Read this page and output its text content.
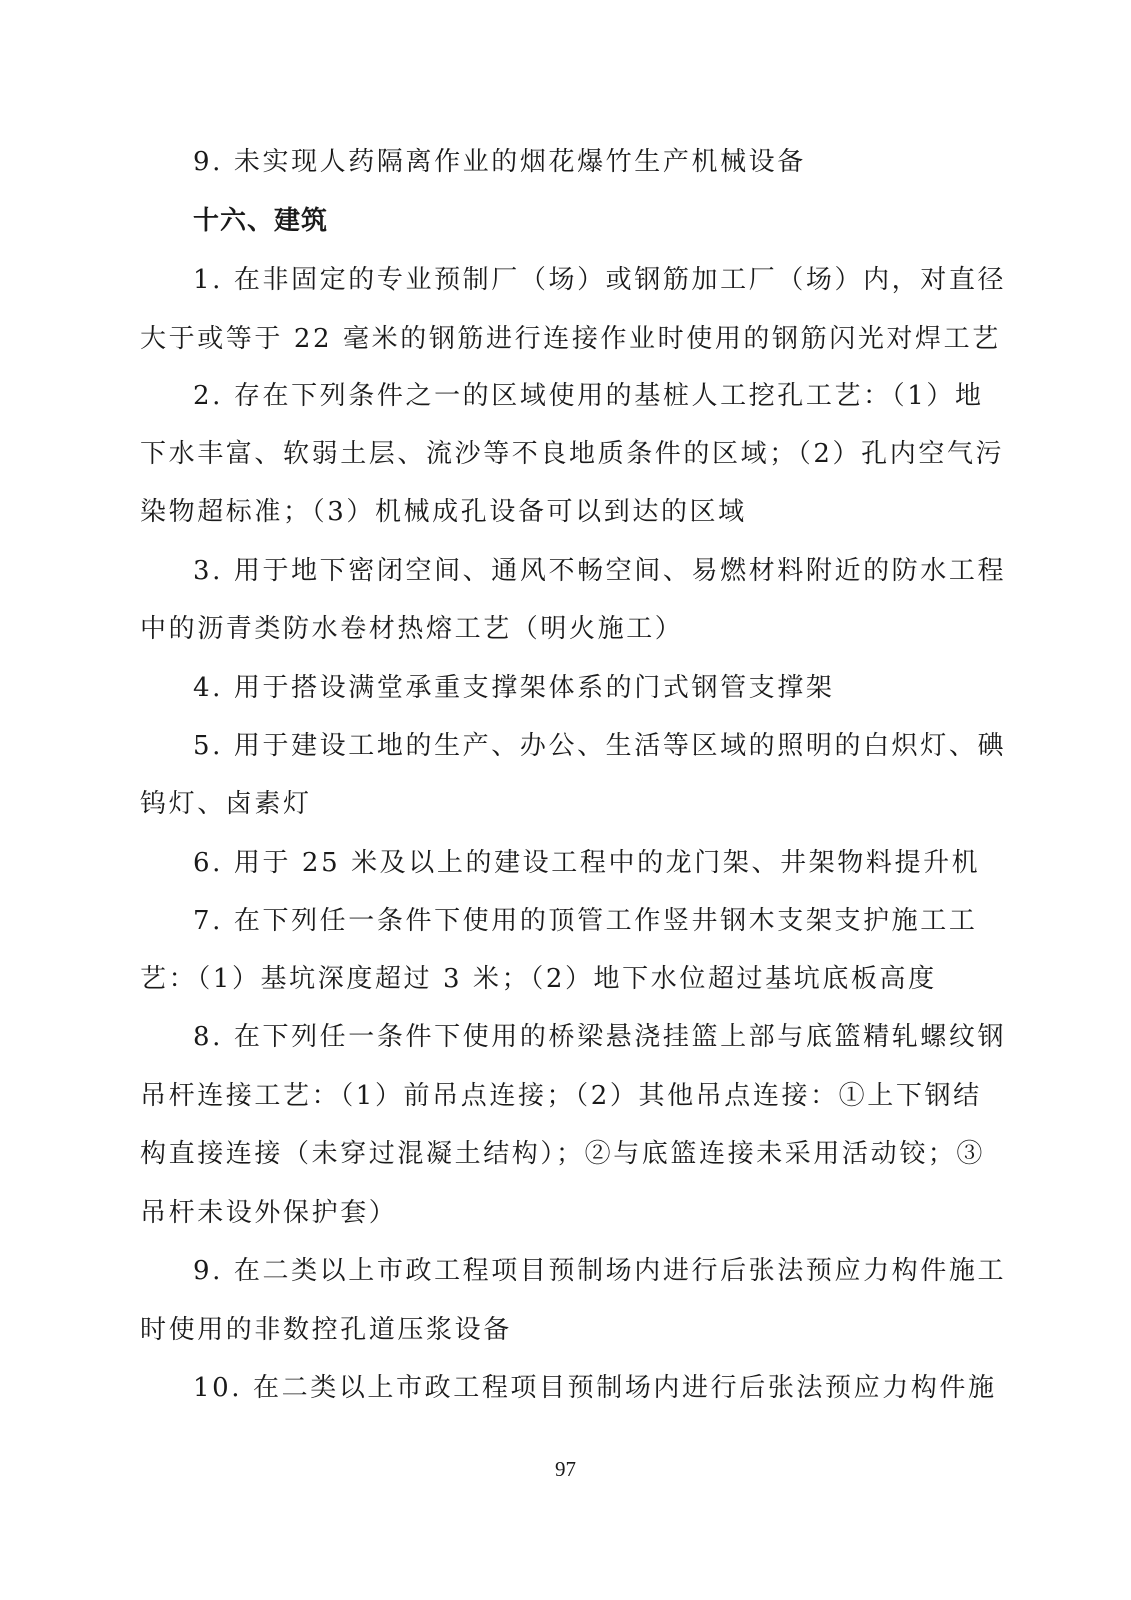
9. 未实现人药隔离作业的烟花爆竹生产机械设备
十六、建筑
1. 在非固定的专业预制厂（场）或钢筋加工厂（场）内，对直径
大于或等于 22 毫米的钢筋进行连接作业时使用的钢筋闪光对焊工艺
2. 存在下列条件之一的区域使用的基桩人工挖孔工艺：（1）地
下水丰富、软弱土层、流沙等不良地质条件的区域；（2）孔内空气污
染物超标准；（3）机械成孔设备可以到达的区域
3. 用于地下密闭空间、通风不畅空间、易燃材料附近的防水工程
中的沥青类防水卷材热熔工艺（明火施工）
4. 用于搭设满堂承重支撑架体系的门式钢管支撑架
5. 用于建设工地的生产、办公、生活等区域的照明的白炽灯、碘
钨灯、卤素灯
6. 用于 25 米及以上的建设工程中的龙门架、井架物料提升机
7. 在下列任一条件下使用的顶管工作竖井钢木支架支护施工工
艺：（1）基坑深度超过 3 米；（2）地下水位超过基坑底板高度
8. 在下列任一条件下使用的桥梁悬浇挂篮上部与底篮精轧螺纹钢
吊杆连接工艺：（1）前吊点连接；（2）其他吊点连接：①上下钢结
构直接连接（未穿过混凝土结构）；②与底篮连接未采用活动铰；③
吊杆未设外保护套）
9. 在二类以上市政工程项目预制场内进行后张法预应力构件施工
时使用的非数控孔道压浆设备
10. 在二类以上市政工程项目预制场内进行后张法预应力构件施
97
